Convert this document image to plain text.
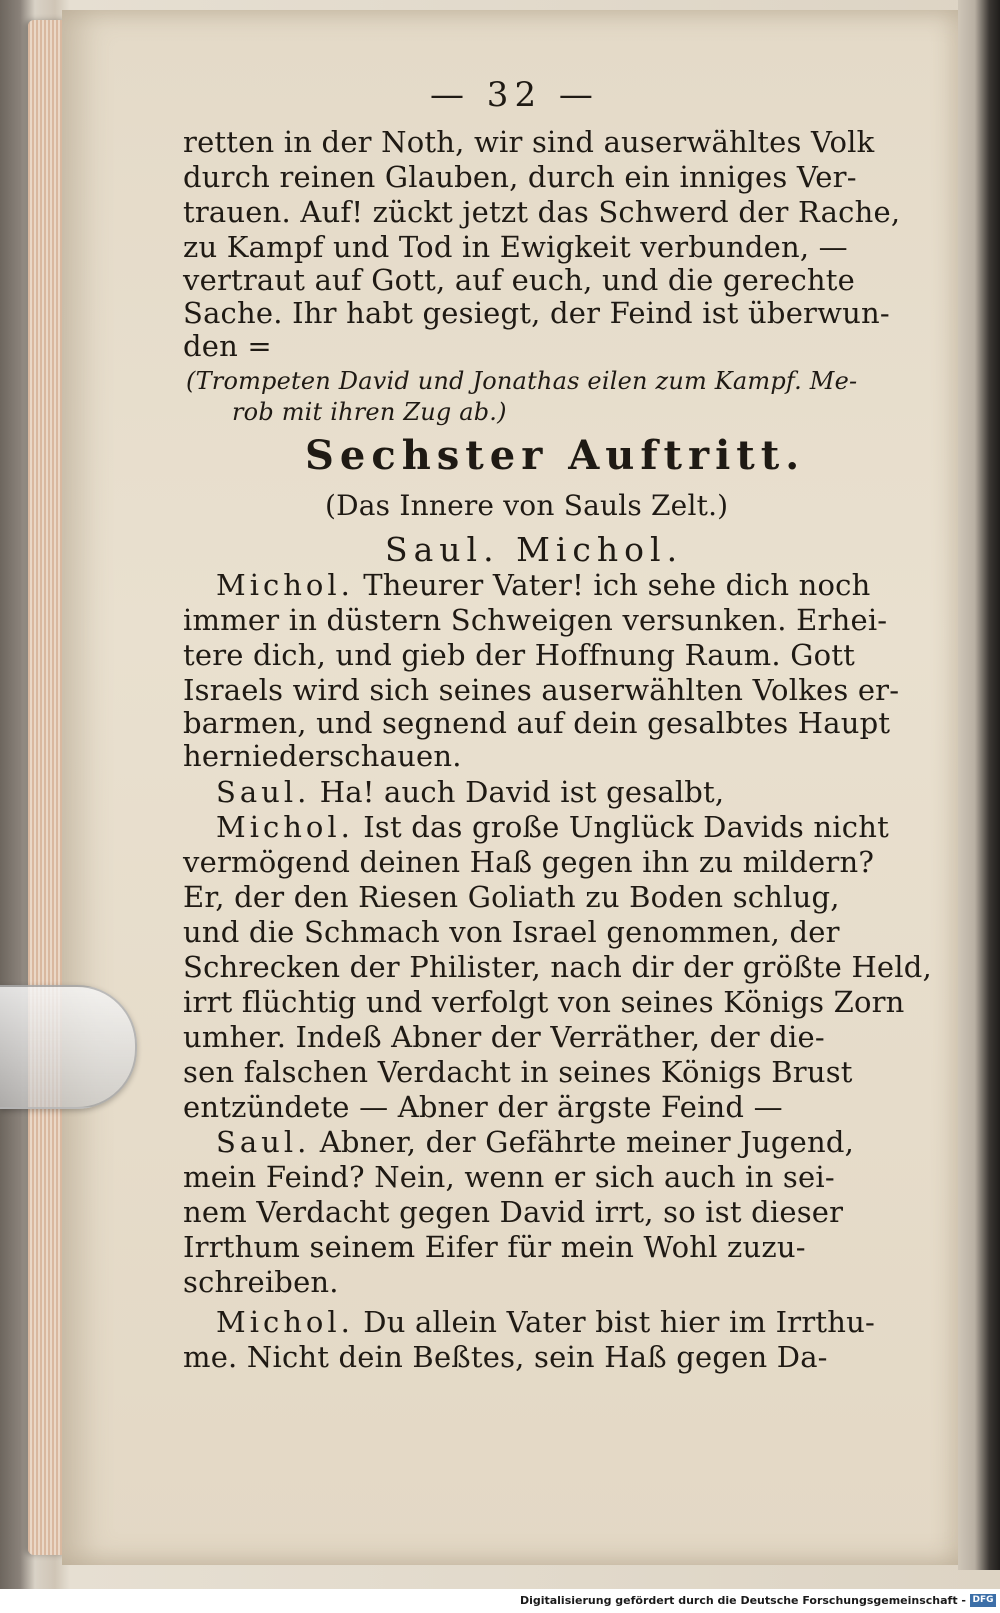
— 32 —
retten in der Noth, wir sind auserwähltes Volk
durch reinen Glauben, durch ein inniges Ver-
trauen. Auf! zückt jetzt das Schwerd der Rache,
zu Kampf und Tod in Ewigkeit verbunden, —
vertraut auf Gott, auf euch, und die gerechte
Sache. Ihr habt gesiegt, der Feind ist überwun-
den =
(Trompeten David und Jonathas eilen zum Kampf. Me-
rob mit ihren Zug ab.)
Sechster Auftritt.
(Das Innere von Sauls Zelt.)
Saul. Michol.
Michol. Theurer Vater! ich sehe dich noch
immer in düstern Schweigen versunken. Erhei-
tere dich, und gieb der Hoffnung Raum. Gott
Israels wird sich seines auserwählten Volkes er-
barmen, und segnend auf dein gesalbtes Haupt
herniederschauen.
Saul. Ha! auch David ist gesalbt,
Michol. Ist das große Unglück Davids nicht
vermögend deinen Haß gegen ihn zu mildern?
Er, der den Riesen Goliath zu Boden schlug,
und die Schmach von Israel genommen, der
Schrecken der Philister, nach dir der größte Held,
irrt flüchtig und verfolgt von seines Königs Zorn
umher. Indeß Abner der Verräther, der die-
sen falschen Verdacht in seines Königs Brust
entzündete — Abner der ärgste Feind —
Saul. Abner, der Gefährte meiner Jugend,
mein Feind? Nein, wenn er sich auch in sei-
nem Verdacht gegen David irrt, so ist dieser
Irrthum seinem Eifer für mein Wohl zuzu-
schreiben.
Michol. Du allein Vater bist hier im Irrthu-
me. Nicht dein Beßtes, sein Haß gegen Da-
Digitalisierung gefördert durch die Deutsche Forschungsgemeinschaft - DFG
